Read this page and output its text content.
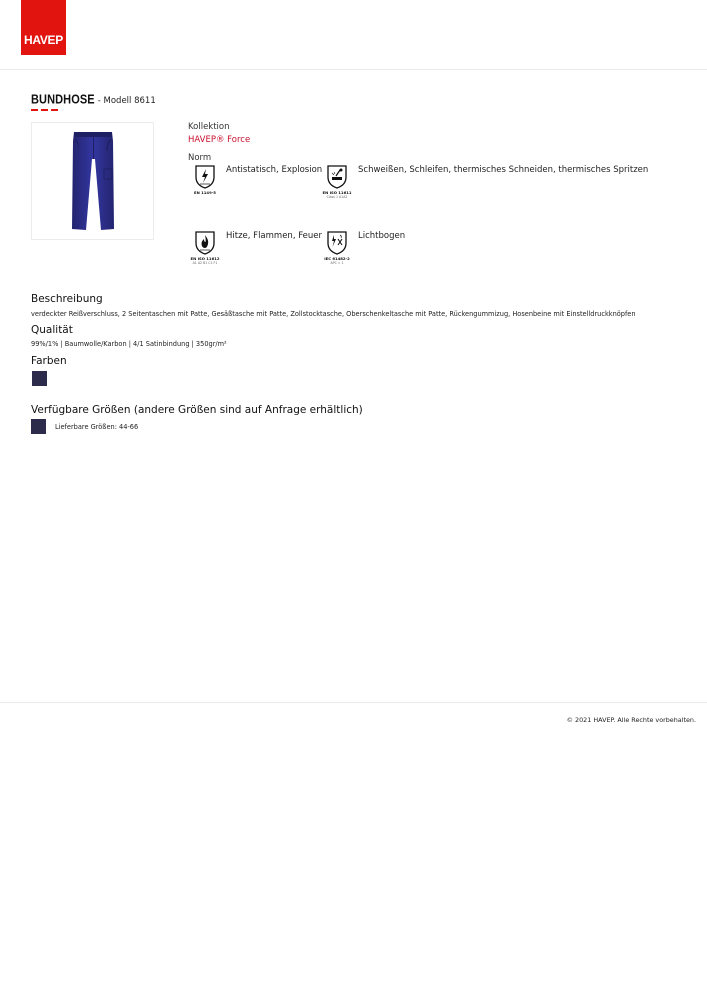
HAVEP
BUNDHOSE - Modell 8611
Kollektion
HAVEP® Force
Norm
EN 1149-5
Antistatisch, Explosion
EN ISO 11611
Class 1 A1A2
Schweißen, Schleifen, thermisches Schneiden, thermisches Spritzen
EN ISO 11612
A1 A2 B1 C1 F1
Hitze, Flammen, Feuer
IEC 61482-2
APC = 1
Lichtbogen
Beschreibung
verdeckter Reißverschluss, 2 Seitentaschen mit Patte, Gesäßtasche mit Patte, Zollstocktasche, Oberschenkeltasche mit Patte, Rückengummizug, Hosenbeine mit Einstelldruckknöpfen
Qualität
99%/1% | Baumwolle/Karbon | 4/1 Satinbindung | 350gr/m²
Farben
Verfügbare Größen (andere Größen sind auf Anfrage erhältlich)
Lieferbare Größen: 44-66
© 2021 HAVEP. Alle Rechte vorbehalten.
